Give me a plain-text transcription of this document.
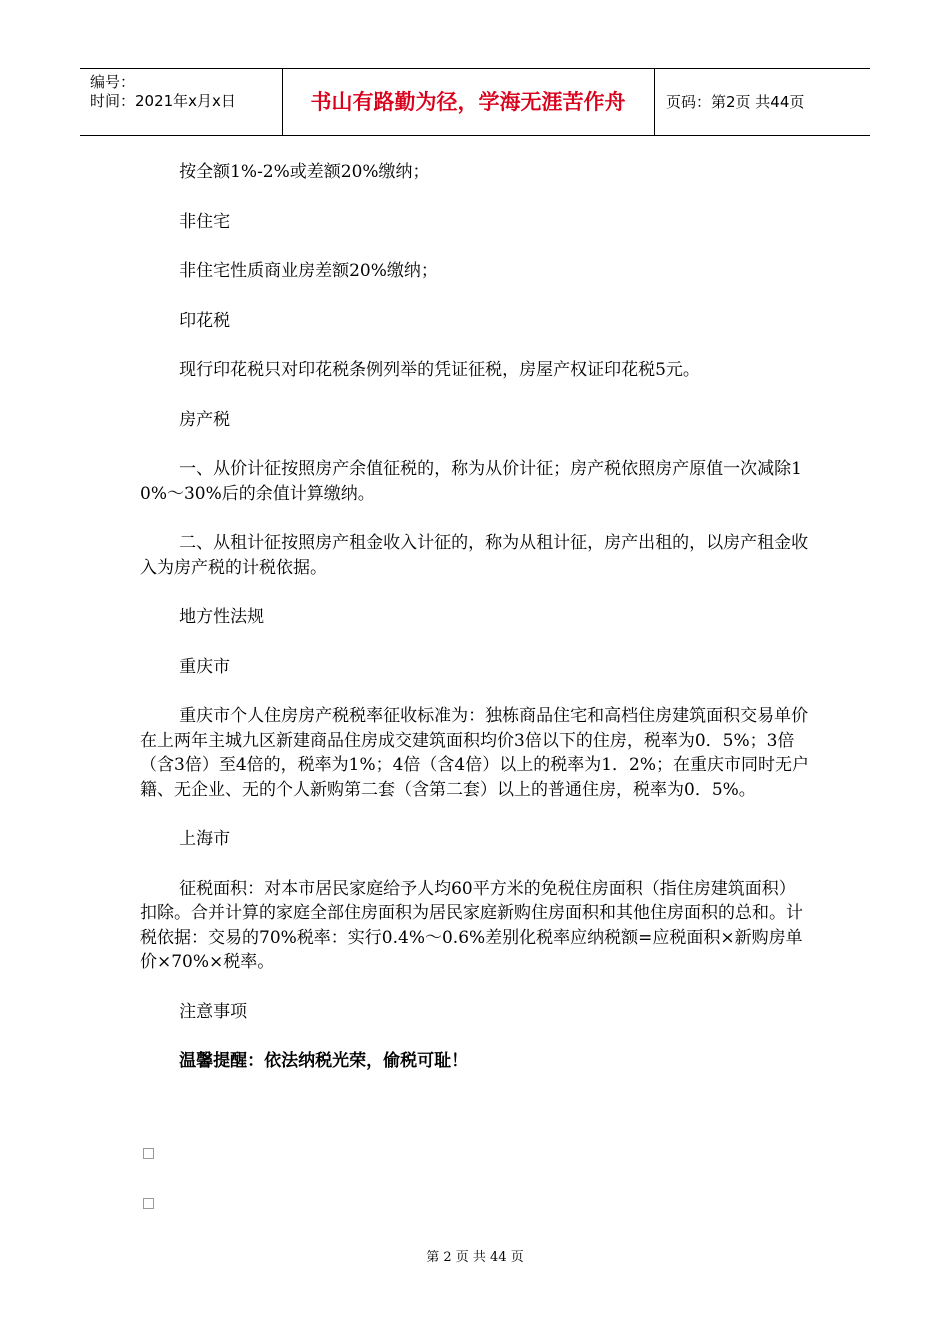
编号：
时间：2021年x月x日	书山有路勤为径，学海无涯苦作舟	页码：第2页 共44页

按全额1%-2%或差额20%缴纳；

非住宅

非住宅性质商业房差额20%缴纳；

印花税

现行印花税只对印花税条例列举的凭证征税，房屋产权证印花税5元。

房产税

一、从价计征按照房产余值征税的，称为从价计征；房产税依照房产原值一次减除10%～30%后的余值计算缴纳。

二、从租计征按照房产租金收入计征的，称为从租计征，房产出租的，以房产租金收入为房产税的计税依据。

地方性法规

重庆市

重庆市个人住房房产税税率征收标准为：独栋商品住宅和高档住房建筑面积交易单价在上两年主城九区新建商品住房成交建筑面积均价3倍以下的住房，税率为0．5%；3倍（含3倍）至4倍的，税率为1%；4倍（含4倍）以上的税率为1．2%；在重庆市同时无户籍、无企业、无的个人新购第二套（含第二套）以上的普通住房，税率为0．5%。

上海市

征税面积：对本市居民家庭给予人均60平方米的免税住房面积（指住房建筑面积）扣除。合并计算的家庭全部住房面积为居民家庭新购住房面积和其他住房面积的总和。计税依据：交易的70%税率：实行0.4%～0.6%差别化税率应纳税额=应税面积×新购房单价×70%×税率。

注意事项

温馨提醒：依法纳税光荣，偷税可耻！

第 2 页 共 44 页
